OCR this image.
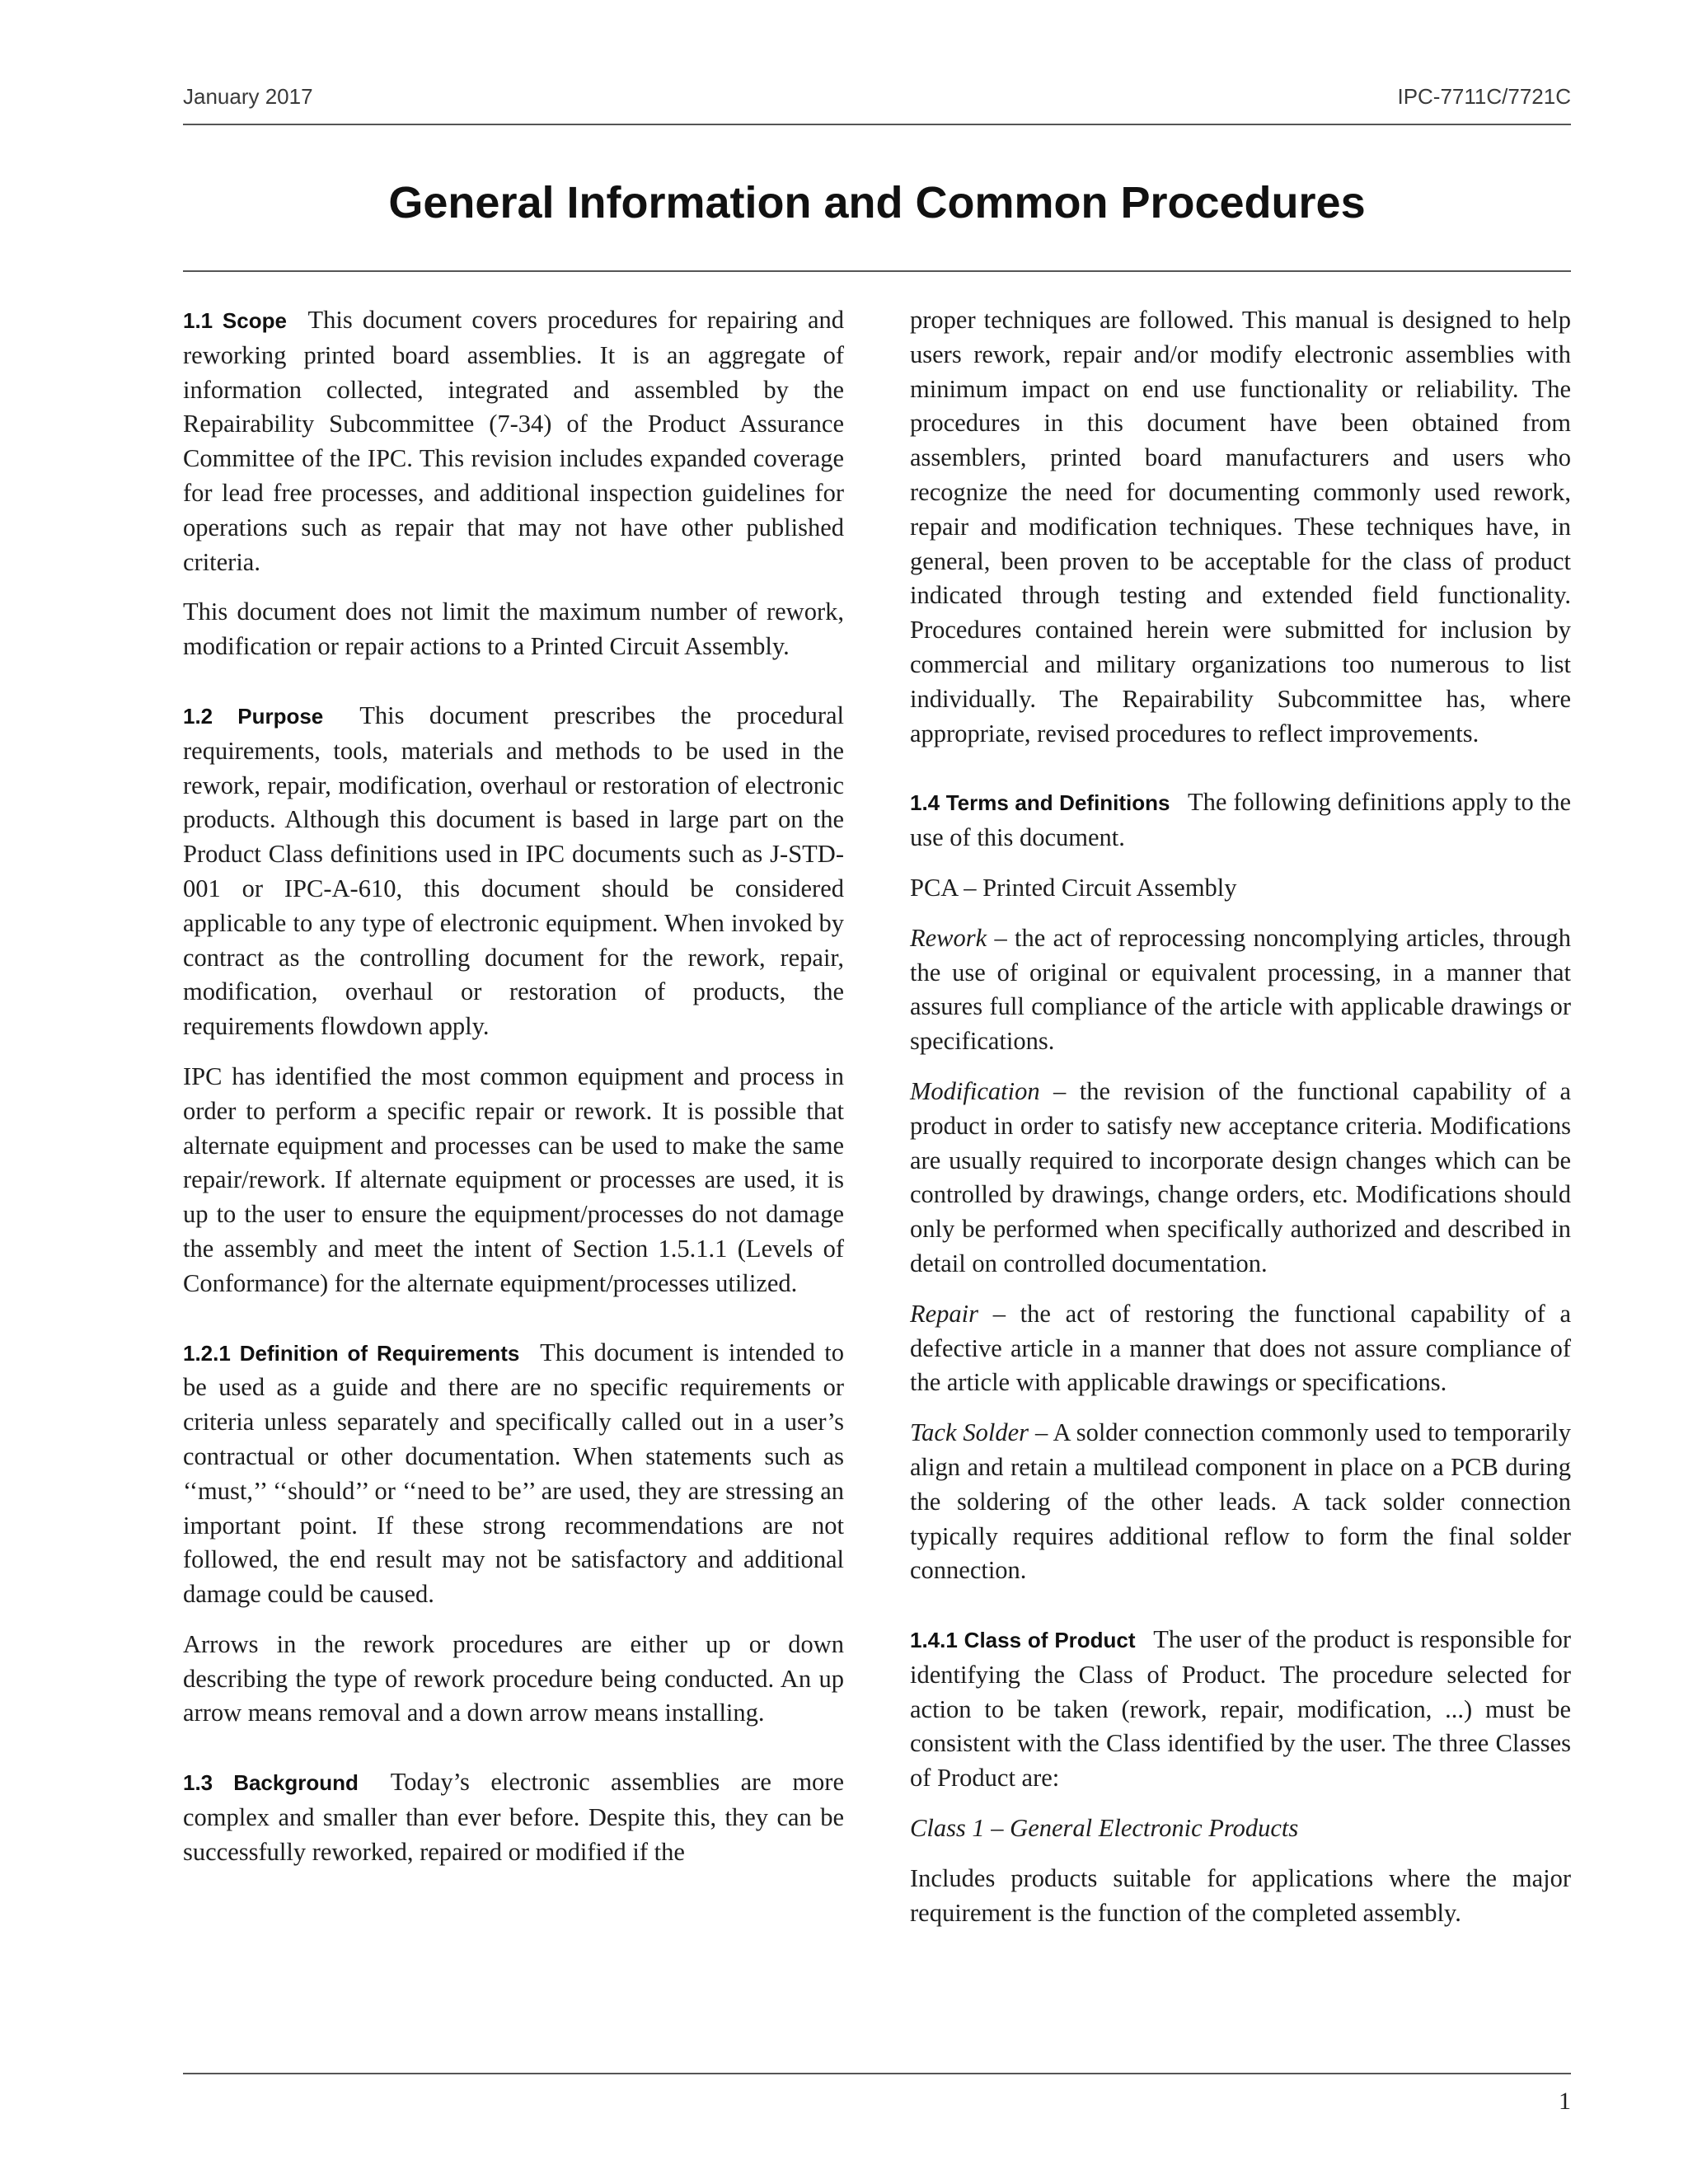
January 2017	IPC-7711C/7721C
General Information and Common Procedures

1.1 Scope This document covers procedures for repairing and reworking printed board assemblies. It is an aggregate of information collected, integrated and assembled by the Repairability Subcommittee (7-34) of the Product Assurance Committee of the IPC. This revision includes expanded coverage for lead free processes, and additional inspection guidelines for operations such as repair that may not have other published criteria.

This document does not limit the maximum number of rework, modification or repair actions to a Printed Circuit Assembly.

1.2 Purpose This document prescribes the procedural requirements, tools, materials and methods to be used in the rework, repair, modification, overhaul or restoration of electronic products. Although this document is based in large part on the Product Class definitions used in IPC documents such as J-STD-001 or IPC-A-610, this document should be considered applicable to any type of electronic equipment. When invoked by contract as the controlling document for the rework, repair, modification, overhaul or restoration of products, the requirements flowdown apply.

IPC has identified the most common equipment and process in order to perform a specific repair or rework. It is possible that alternate equipment and processes can be used to make the same repair/rework. If alternate equipment or processes are used, it is up to the user to ensure the equipment/processes do not damage the assembly and meet the intent of Section 1.5.1.1 (Levels of Conformance) for the alternate equipment/processes utilized.

1.2.1 Definition of Requirements This document is intended to be used as a guide and there are no specific requirements or criteria unless separately and specifically called out in a user’s contractual or other documentation. When statements such as ‘‘must,’’ ‘‘should’’ or ‘‘need to be’’ are used, they are stressing an important point. If these strong recommendations are not followed, the end result may not be satisfactory and additional damage could be caused.

Arrows in the rework procedures are either up or down describing the type of rework procedure being conducted. An up arrow means removal and a down arrow means installing.

1.3 Background Today’s electronic assemblies are more complex and smaller than ever before. Despite this, they can be successfully reworked, repaired or modified if the

proper techniques are followed. This manual is designed to help users rework, repair and/or modify electronic assemblies with minimum impact on end use functionality or reliability. The procedures in this document have been obtained from assemblers, printed board manufacturers and users who recognize the need for documenting commonly used rework, repair and modification techniques. These techniques have, in general, been proven to be acceptable for the class of product indicated through testing and extended field functionality. Procedures contained herein were submitted for inclusion by commercial and military organizations too numerous to list individually. The Repairability Subcommittee has, where appropriate, revised procedures to reflect improvements.

1.4 Terms and Definitions The following definitions apply to the use of this document.

PCA – Printed Circuit Assembly

Rework – the act of reprocessing noncomplying articles, through the use of original or equivalent processing, in a manner that assures full compliance of the article with applicable drawings or specifications.

Modification – the revision of the functional capability of a product in order to satisfy new acceptance criteria. Modifications are usually required to incorporate design changes which can be controlled by drawings, change orders, etc. Modifications should only be performed when specifically authorized and described in detail on controlled documentation.

Repair – the act of restoring the functional capability of a defective article in a manner that does not assure compliance of the article with applicable drawings or specifications.

Tack Solder – A solder connection commonly used to temporarily align and retain a multilead component in place on a PCB during the soldering of the other leads. A tack solder connection typically requires additional reflow to form the final solder connection.

1.4.1 Class of Product The user of the product is responsible for identifying the Class of Product. The procedure selected for action to be taken (rework, repair, modification, ...) must be consistent with the Class identified by the user. The three Classes of Product are:

Class 1 – General Electronic Products

Includes products suitable for applications where the major requirement is the function of the completed assembly.

1
